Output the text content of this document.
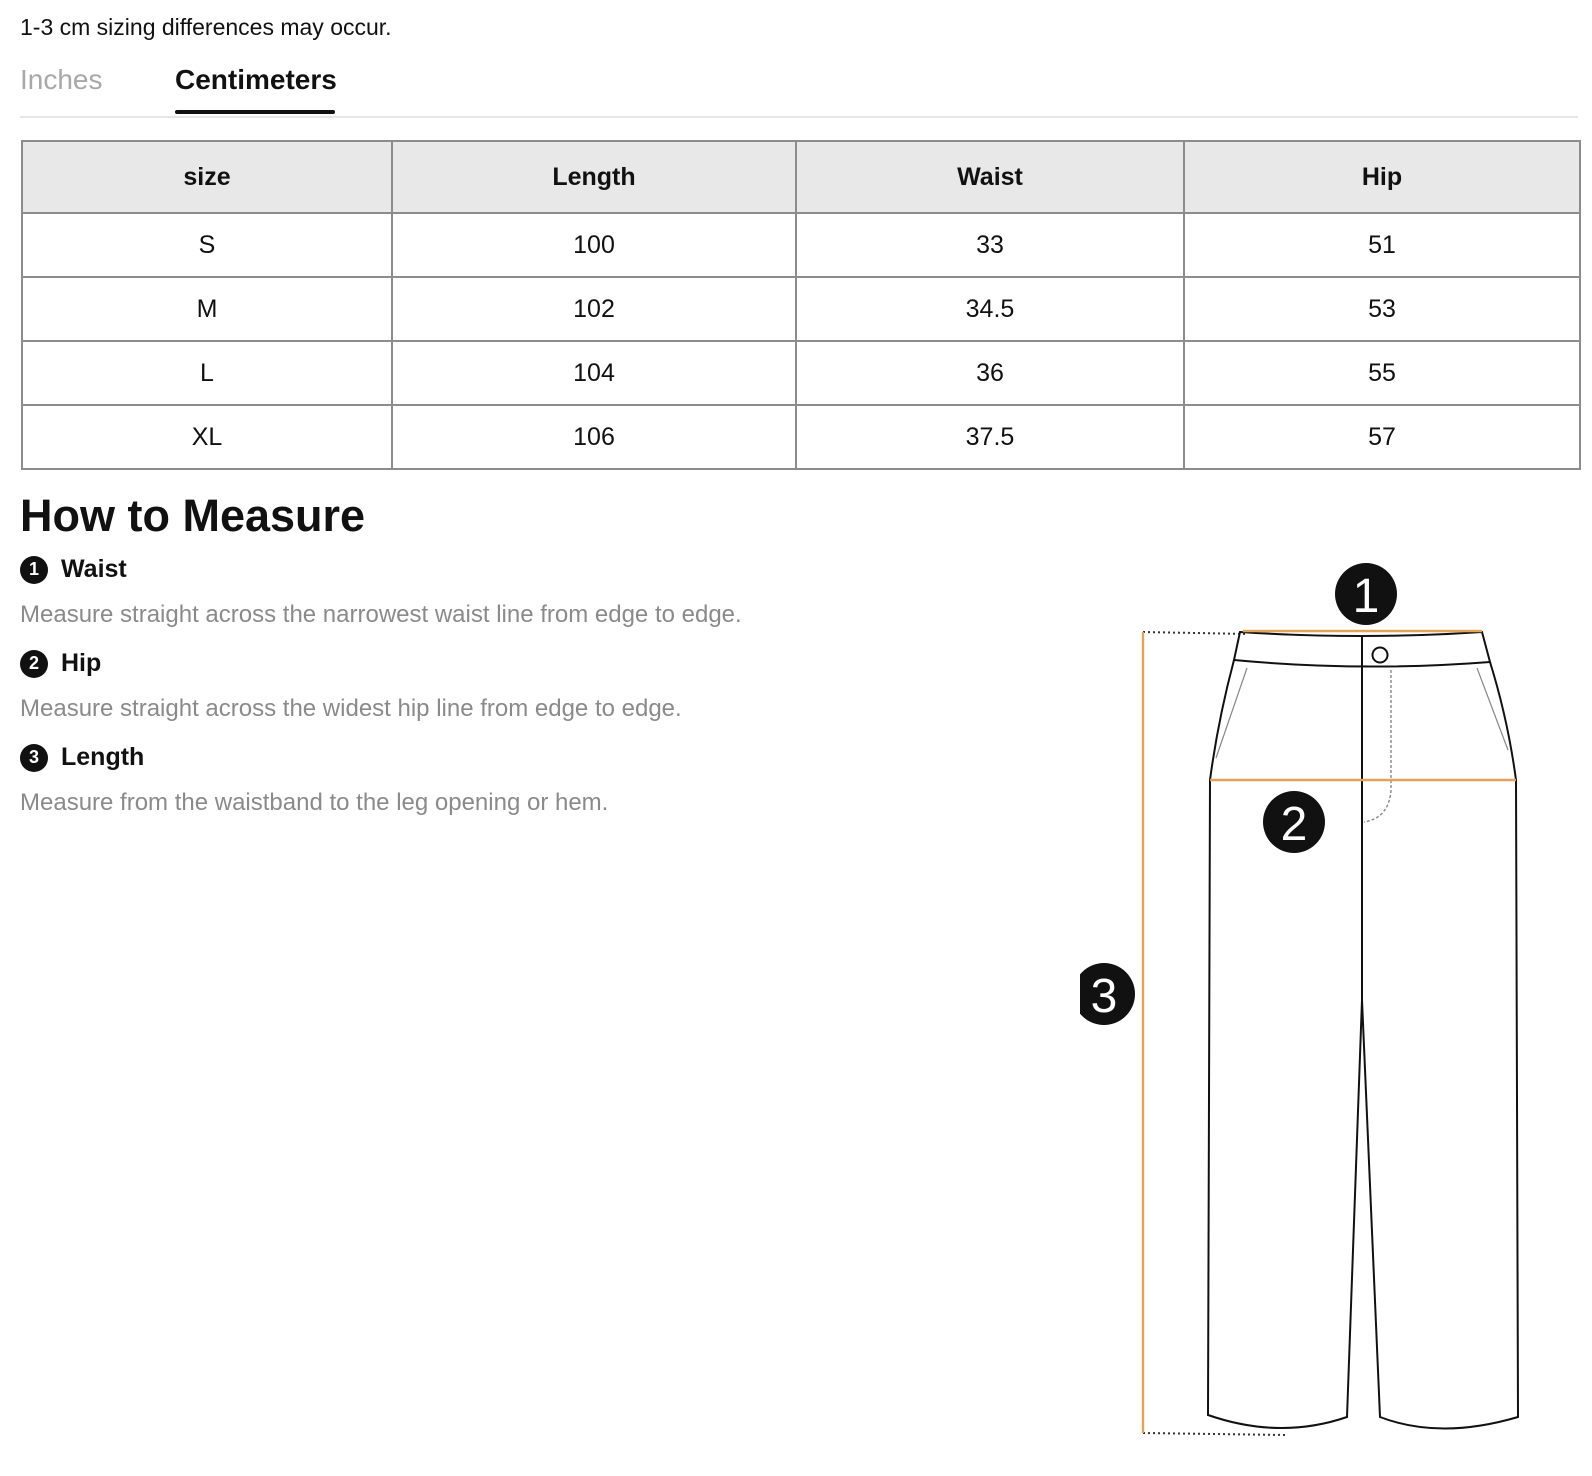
1-3 cm sizing differences may occur.
Inches	Centimeters
size	Length	Waist	Hip
S	100	33	51
M	102	34.5	53
L	104	36	55
XL	106	37.5	57
How to Measure
1 Waist
Measure straight across the narrowest waist line from edge to edge.
2 Hip
Measure straight across the widest hip line from edge to edge.
3 Length
Measure from the waistband to the leg opening or hem.
1
2
3
